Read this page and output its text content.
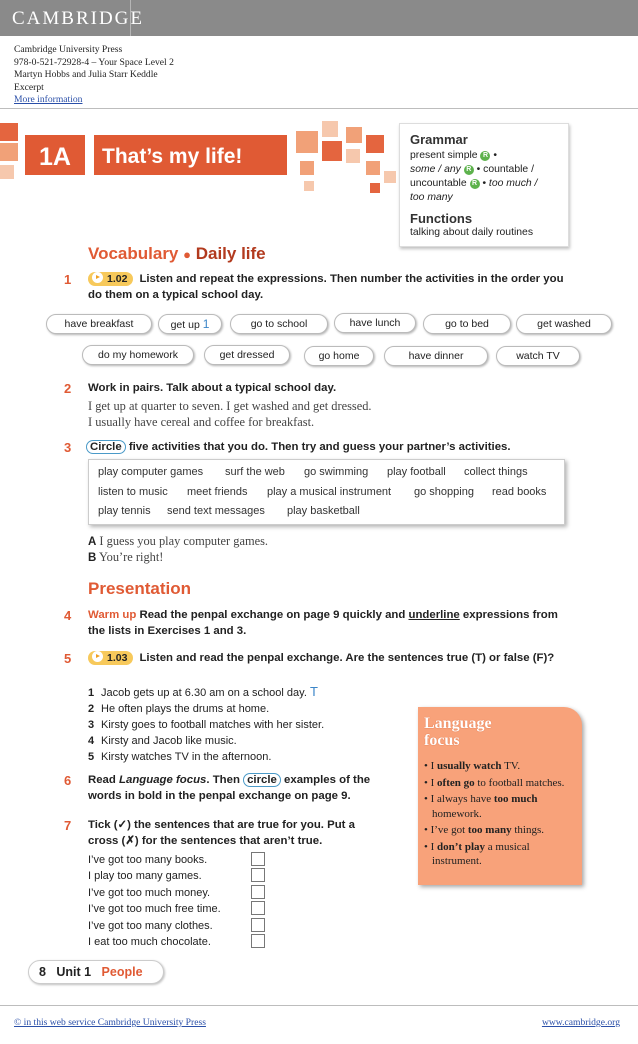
CAMBRIDGE
Cambridge University Press
978-0-521-72928-4 – Your Space Level 2
Martyn Hobbs and Julia Starr Keddle
Excerpt
More information
1A	That’s my life!
Grammar
present simple R •
some / any R • countable /
uncountable R • too much /
too many
Functions
talking about daily routines
Vocabulary ● Daily life
1	1.02 Listen and repeat the expressions. Then number the activities in the order you do them on a typical school day.
have breakfast	get up 1	go to school	have lunch	go to bed	get washed
do my homework	get dressed	go home	have dinner	watch TV
2 Work in pairs. Talk about a typical school day.
I get up at quarter to seven. I get washed and get dressed.
I usually have cereal and coffee for breakfast.
3	Circle five activities that you do. Then try and guess your partner’s activities.
play computer games surf the web go swimming play football collect things
listen to music meet friends play a musical instrument go shopping read books
play tennis send text messages play basketball
A I guess you play computer games.
B You’re right!
Presentation
4 Warm up Read the penpal exchange on page 9 quickly and underline expressions from the lists in Exercises 1 and 3.
5	1.03 Listen and read the penpal exchange. Are the sentences true (T) or false (F)?
1 Jacob gets up at 6.30 am on a school day. T
2 He often plays the drums at home.
3 Kirsty goes to football matches with her sister.
4 Kirsty and Jacob like music.
5 Kirsty watches TV in the afternoon.
6 Read Language focus. Then circle examples of the words in bold in the penpal exchange on page 9.
7 Tick (✓) the sentences that are true for you. Put a cross (✗) for the sentences that aren’t true.
I’ve got too many books.
I play too many games.
I’ve got too much money.
I’ve got too much free time.
I’ve got too many clothes.
I eat too much chocolate.
Language
focus
• I usually watch TV.
• I often go to football matches.
• I always have too much homework.
• I’ve got too many things.
• I don’t play a musical instrument.
8 Unit 1 People
© in this web service Cambridge University Press	www.cambridge.org
